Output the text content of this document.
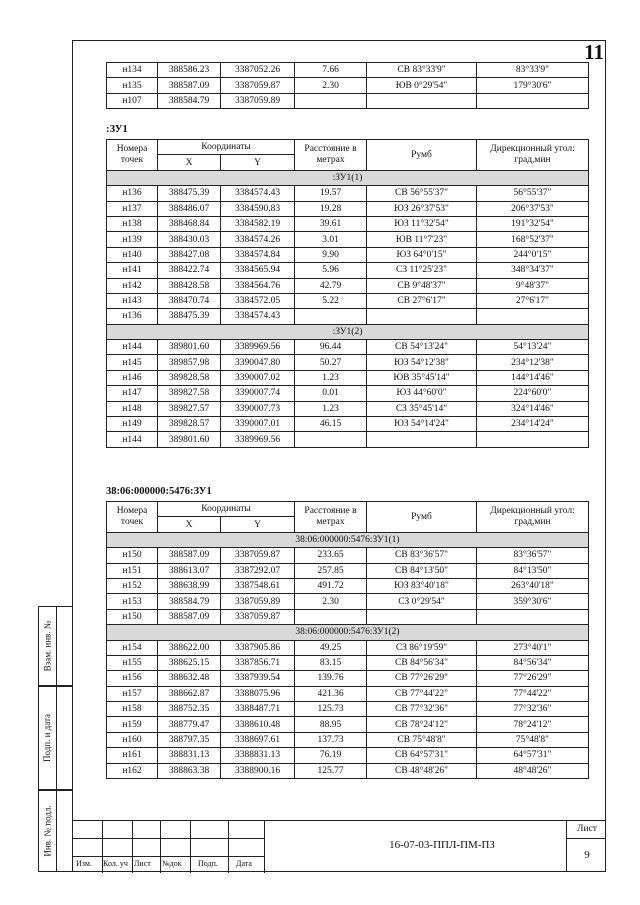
11
н134	388586.23	3387052.26	7.66	СВ 83°33'9"	83°33'9"
н135	388587.09	3387059.87	2.30	ЮВ 0°29'54"	179°30'6"
н107	388584.79	3387059.89			
:ЗУ1
Номера точек	Координаты		Расстояние в метрах	Румб	Дирекционный угол: град,мин
	X	Y			
:ЗУ1(1)					
н136	388475.39	3384574.43	19.57	СВ 56°55'37"	56°55'37"
н137	388486.07	3384590.83	19.28	ЮЗ 26°37'53"	206°37'53"
н138	388468.84	3384582.19	39.61	ЮЗ 11°32'54"	191°32'54"
н139	388430.03	3384574.26	3.01	ЮВ 11°7'23"	168°52'37"
н140	388427.08	3384574.84	9.90	ЮЗ 64°0'15"	244°0'15"
н141	388422.74	3384565.94	5.96	СЗ 11°25'23"	348°34'37"
н142	388428.58	3384564.76	42.79	СВ 9°48'37"	9°48'37"
н143	388470.74	3384572.05	5.22	СВ 27°6'17"	27°6'17"
н136	388475.39	3384574.43			
:ЗУ1(2)					
н144	389801.60	3389969.56	96.44	СВ 54°13'24"	54°13'24"
н145	389857.98	3390047.80	50.27	ЮЗ 54°12'38"	234°12'38"
н146	389828.58	3390007.02	1.23	ЮВ 35°45'14"	144°14'46"
н147	389827.58	3390007.74	0.01	ЮЗ 44°60'0"	224°60'0"
н148	389827.57	3390007.73	1.23	СЗ 35°45'14"	324°14'46"
н149	389828.57	3390007.01	46.15	ЮЗ 54°14'24"	234°14'24"
н144	389801.60	3389969.56			
38:06:000000:5476:ЗУ1
Номера точек	Координаты		Расстояние в метрах	Румб	Дирекционный угол: град,мин
	X	Y			
38:06:000000:5476:ЗУ1(1)					
н150	388587.09	3387059.87	233.65	СВ 83°36'57"	83°36'57"
н151	388613.07	3387292.07	257.85	СВ 84°13'50"	84°13'50"
н152	388638.99	3387548.61	491.72	ЮЗ 83°40'18"	263°40'18"
н153	388584.79	3387059.89	2.30	СЗ 0°29'54"	359°30'6"
н150	388587.09	3387059.87			
38:06:000000:5476:ЗУ1(2)					
н154	388622.00	3387905.86	49.25	СЗ 86°19'59"	273°40'1"
н155	388625.15	3387856.71	83.15	СВ 84°56'34"	84°56'34"
н156	388632.48	3387939.54	139.76	СВ 77°26'29"	77°26'29"
н157	388662.87	3388075.96	421.36	СВ 77°44'22"	77°44'22"
н158	388752.35	3388487.71	125.73	СВ 77°32'36"	77°32'36"
н159	388779.47	3388610.48	88.95	СВ 78°24'12"	78°24'12"
н160	388797.35	3388697.61	137.73	СВ 75°48'8"	75°48'8"
н161	388831.13	3388831.13	76.19	СВ 64°57'31"	64°57'31"
н162	388863.38	3388900.16	125.77	СВ 48°48'26"	48°48'26"
Взам. инв. №
Подп. и дата
Инв. № подл.
Изм. Кол. уч Лист №док Подп. Дата
16-07-03-ППЛ-ПМ-ПЗ
Лист
9
